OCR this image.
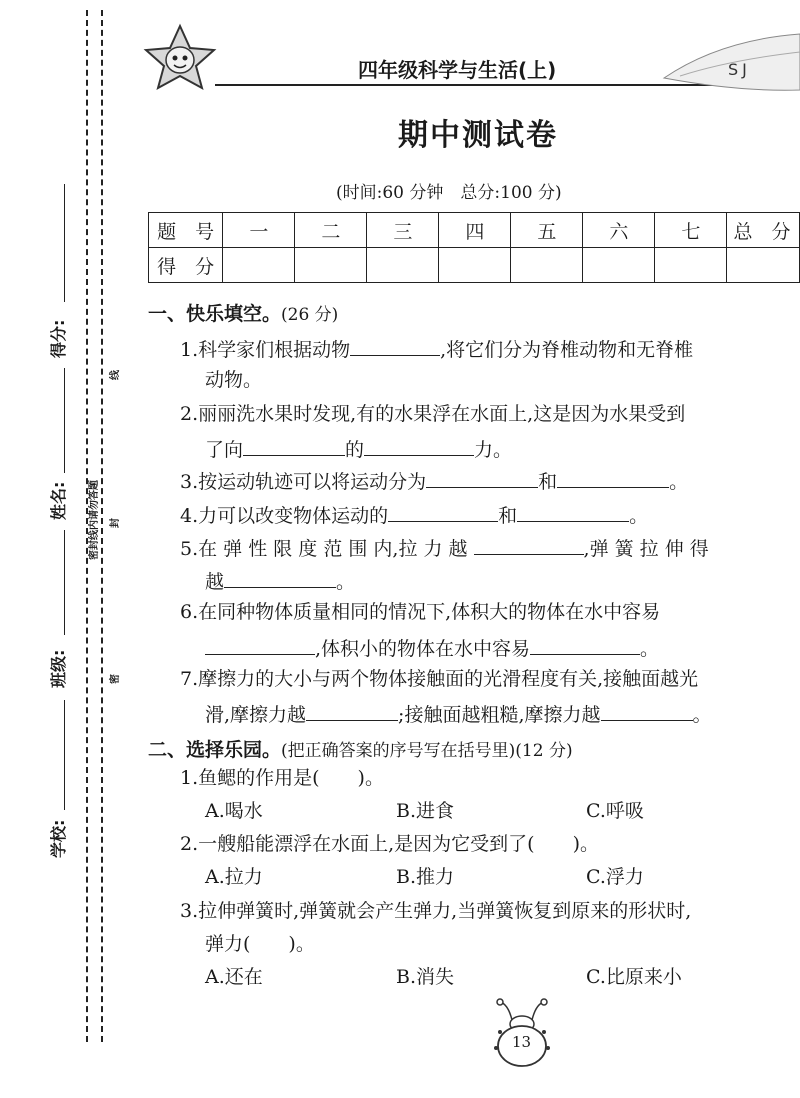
得分:
姓名:
班级:
学校:
密封线内请勿答题
线
封
密
四年级科学与生活(上)	SJ
期中测试卷
(时间:60 分钟　总分:100 分)
题　号	一	二	三	四	五	六	七	总　分
得　分								
一、快乐填空。(26 分)
1.科学家们根据动物	,将它们分为脊椎动物和无脊椎
动物。
2.丽丽洗水果时发现,有的水果浮在水面上,这是因为水果受到
了向	的	力。
3.按运动轨迹可以将运动分为	和	。
4.力可以改变物体运动的	和	。
5.在 弹 性 限 度 范 围 内,拉 力 越	,弹 簧 拉 伸 得
越	。
6.在同种物体质量相同的情况下,体积大的物体在水中容易
,体积小的物体在水中容易	。
7.摩擦力的大小与两个物体接触面的光滑程度有关,接触面越光
滑,摩擦力越	;接触面越粗糙,摩擦力越	。
二、选择乐园。(把正确答案的序号写在括号里)(12 分)
1.鱼鳃的作用是(　　)。
A.喝水	B.进食	C.呼吸
2.一艘船能漂浮在水面上,是因为它受到了(　　)。
A.拉力	B.推力	C.浮力
3.拉伸弹簧时,弹簧就会产生弹力,当弹簧恢复到原来的形状时,
弹力(　　)。
A.还在	B.消失	C.比原来小
13
